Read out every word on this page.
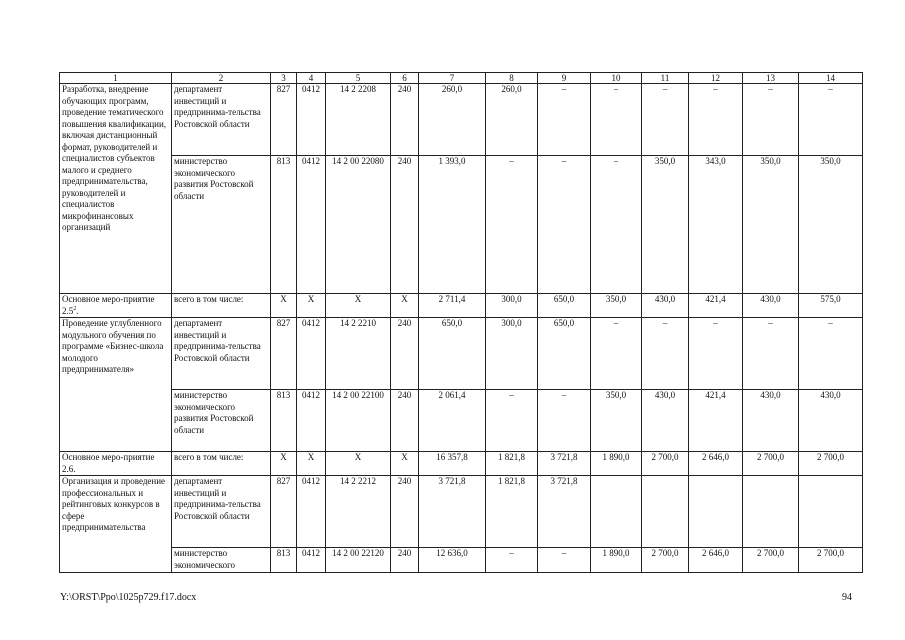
1	2	3	4	5	6	7	8	9	10	11	12	13	14
Разработка, внедрение обучающих программ, проведение тематического повышения квалификации, включая дистанционный формат, руководителей и специалистов субъектов малого и среднего предпринимательства, руководителей и специалистов микрофинансовых организаций	департамент инвестиций и предпринима-тельства Ростовской области	827	0412	14 2 2208	240	260,0	260,0	–	–	–	–	–	–
	министерство экономического развития Ростовской области	813	0412	14 2 00 22080	240	1 393,0	–	–	–	350,0	343,0	350,0	350,0
Основное меро-приятие $2.5^2$.	всего в том числе:	Х	Х	Х	Х	2 711,4	300,0	650,0	350,0	430,0	421,4	430,0	575,0
Проведение углубленного модульного обучения по программе «Бизнес-школа молодого предпринимателя»	департамент инвестиций и предпринима-тельства Ростовской области	827	0412	14 2 2210	240	650,0	300,0	650,0	–	–	–	–	–
	министерство экономического развития Ростовской области	813	0412	14 2 00 22100	240	2 061,4	–	–	350,0	430,0	421,4	430,0	430,0
Основное меро-приятие 2.6.	всего в том числе:	Х	Х	Х	Х	16 357,8	1 821,8	3 721,8	1 890,0	2 700,0	2 646,0	2 700,0	2 700,0
Организация и проведение профессиональных и рейтинговых конкурсов в сфере предпринимательства	департамент инвестиций и предпринима-тельства Ростовской области	827	0412	14 2 2212	240	3 721,8	1 821,8	3 721,8					
	министерство экономического	813	0412	14 2 00 22120	240	12 636,0	–	–	1 890,0	2 700,0	2 646,0	2 700,0	2 700,0
Y:\ORST\Ppo\1025p729.f17.docx	94
